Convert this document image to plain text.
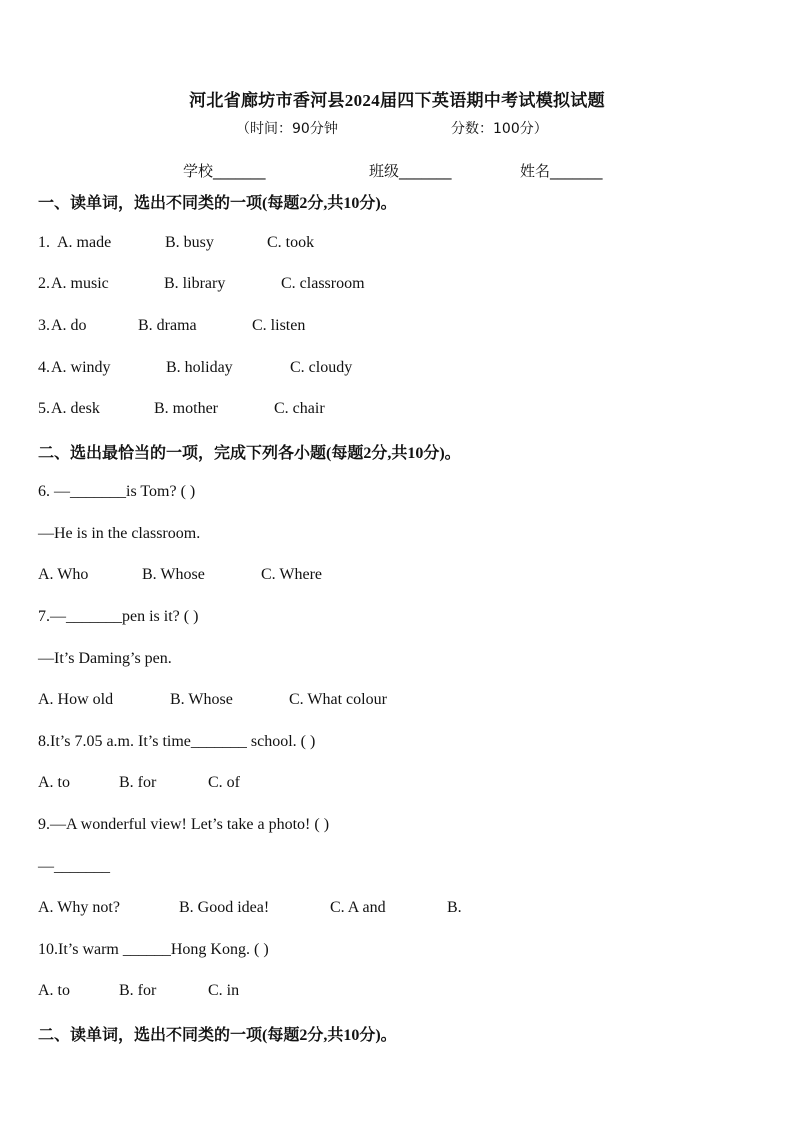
河北省廊坊市香河县2024届四下英语期中考试模拟试题
（时间：90分钟	分数：100分）
学校_______	班级_______	姓名_______
一、读单词，选出不同类的一项(每题2分,共10分)。
1. A. made	B. busy	C. took
2. A. music	B. library	C. classroom
3. A. do	B. drama	C. listen
4. A. windy	B. holiday	C. cloudy
5. A. desk	B. mother	C. chair
二、选出最恰当的一项，完成下列各小题(每题2分,共10分)。
6. —_______is Tom? ( )
—He is in the classroom.
A. Who	B. Whose	C. Where
7.—_______pen is it? ( )
—It’s Daming’s pen.
A. How old	B. Whose	C. What colour
8.It’s 7.05 a.m. It’s time_______ school. ( )
A. to	B. for	C. of
9.—A wonderful view! Let’s take a photo! ( )
—_______
A. Why not?	B. Good idea!	C. A and	B.
10.It’s warm ______Hong Kong. ( )
A. to	B. for	C. in
二、读单词，选出不同类的一项(每题2分,共10分)。
